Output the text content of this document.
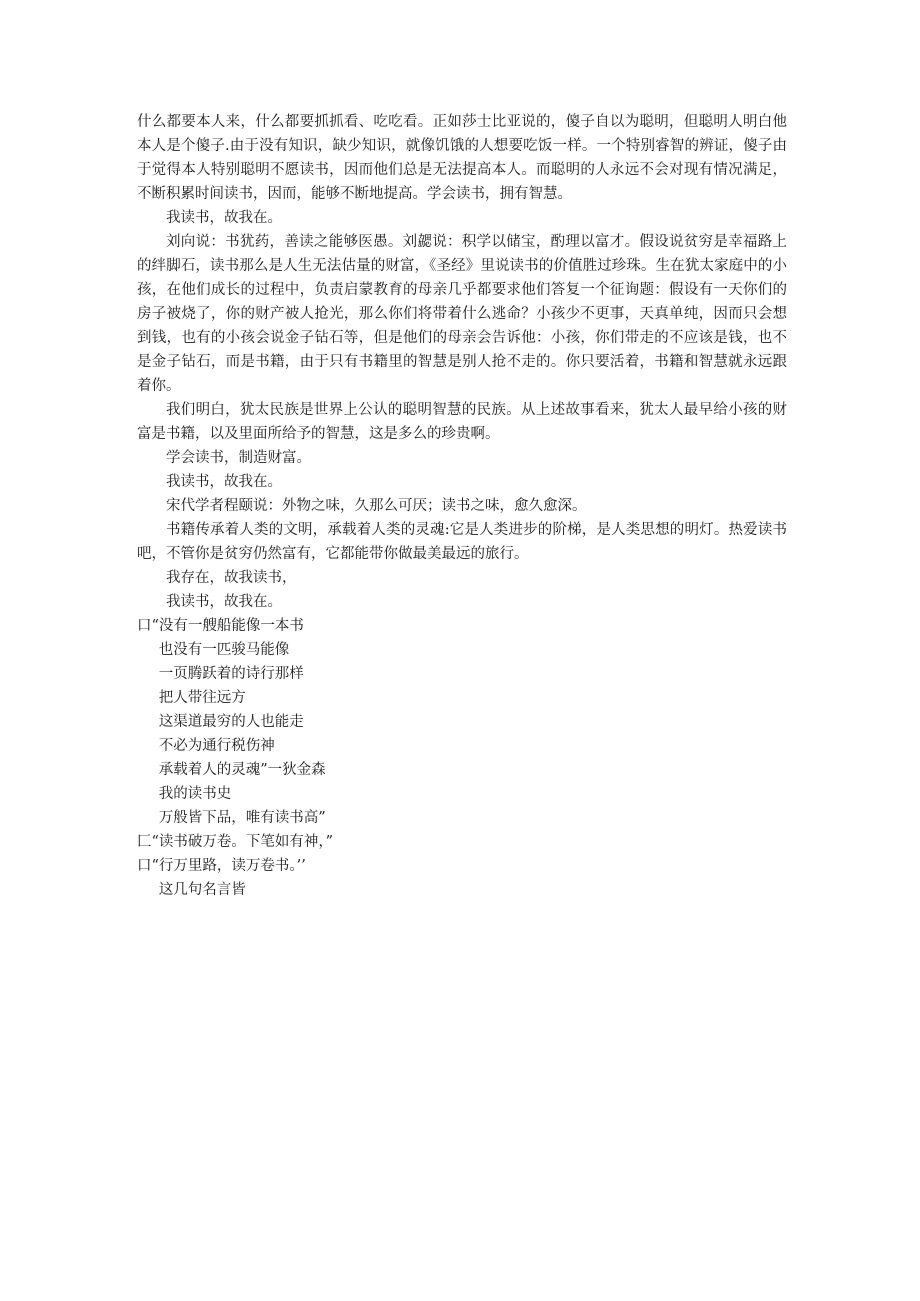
什么都要本人来，什么都要抓抓看、吃吃看。正如莎士比亚说的，傻子自以为聪明，但聪明人明白他本人是个傻子.由于没有知识，缺少知识，就像饥饿的人想要吃饭一样。一个特别睿智的辨证，傻子由于觉得本人特别聪明不愿读书，因而他们总是无法提高本人。而聪明的人永远不会对现有情况满足，不断积累时间读书，因而，能够不断地提高。学会读书，拥有智慧。

我读书，故我在。

刘向说：书犹药，善读之能够医愚。刘勰说：积学以储宝，酌理以富才。假设说贫穷是幸福路上的绊脚石，读书那么是人生无法估量的财富，《圣经》里说读书的价值胜过珍珠。生在犹太家庭中的小孩，在他们成长的过程中，负责启蒙教育的母亲几乎都要求他们答复一个征询题：假设有一天你们的房子被烧了，你的财产被人抢光，那么你们将带着什么逃命？小孩少不更事，天真单纯，因而只会想到钱，也有的小孩会说金子钻石等，但是他们的母亲会告诉他：小孩，你们带走的不应该是钱，也不是金子钻石，而是书籍，由于只有书籍里的智慧是别人抢不走的。你只要活着，书籍和智慧就永远跟着你。

我们明白，犹太民族是世界上公认的聪明智慧的民族。从上述故事看来，犹太人最早给小孩的财富是书籍，以及里面所给予的智慧，这是多么的珍贵啊。

学会读书，制造财富。

我读书，故我在。

宋代学者程颐说：外物之味，久那么可厌；读书之味，愈久愈深。

书籍传承着人类的文明，承载着人类的灵魂:它是人类进步的阶梯，是人类思想的明灯。热爱读书吧，不管你是贫穷仍然富有，它都能带你做最美最远的旅行。

我存在，故我读书，

我读书，故我在。

口“没有一艘船能像一本书

也没有一匹骏马能像

一页腾跃着的诗行那样

把人带往远方

这渠道最穷的人也能走

不必为通行税伤神

承载着人的灵魂”一狄金森

我的读书史

万般皆下品，唯有读书高”

匚“读书破万卷。下笔如有神，”

口“行万里路，读万卷书。’’

这几句名言皆
